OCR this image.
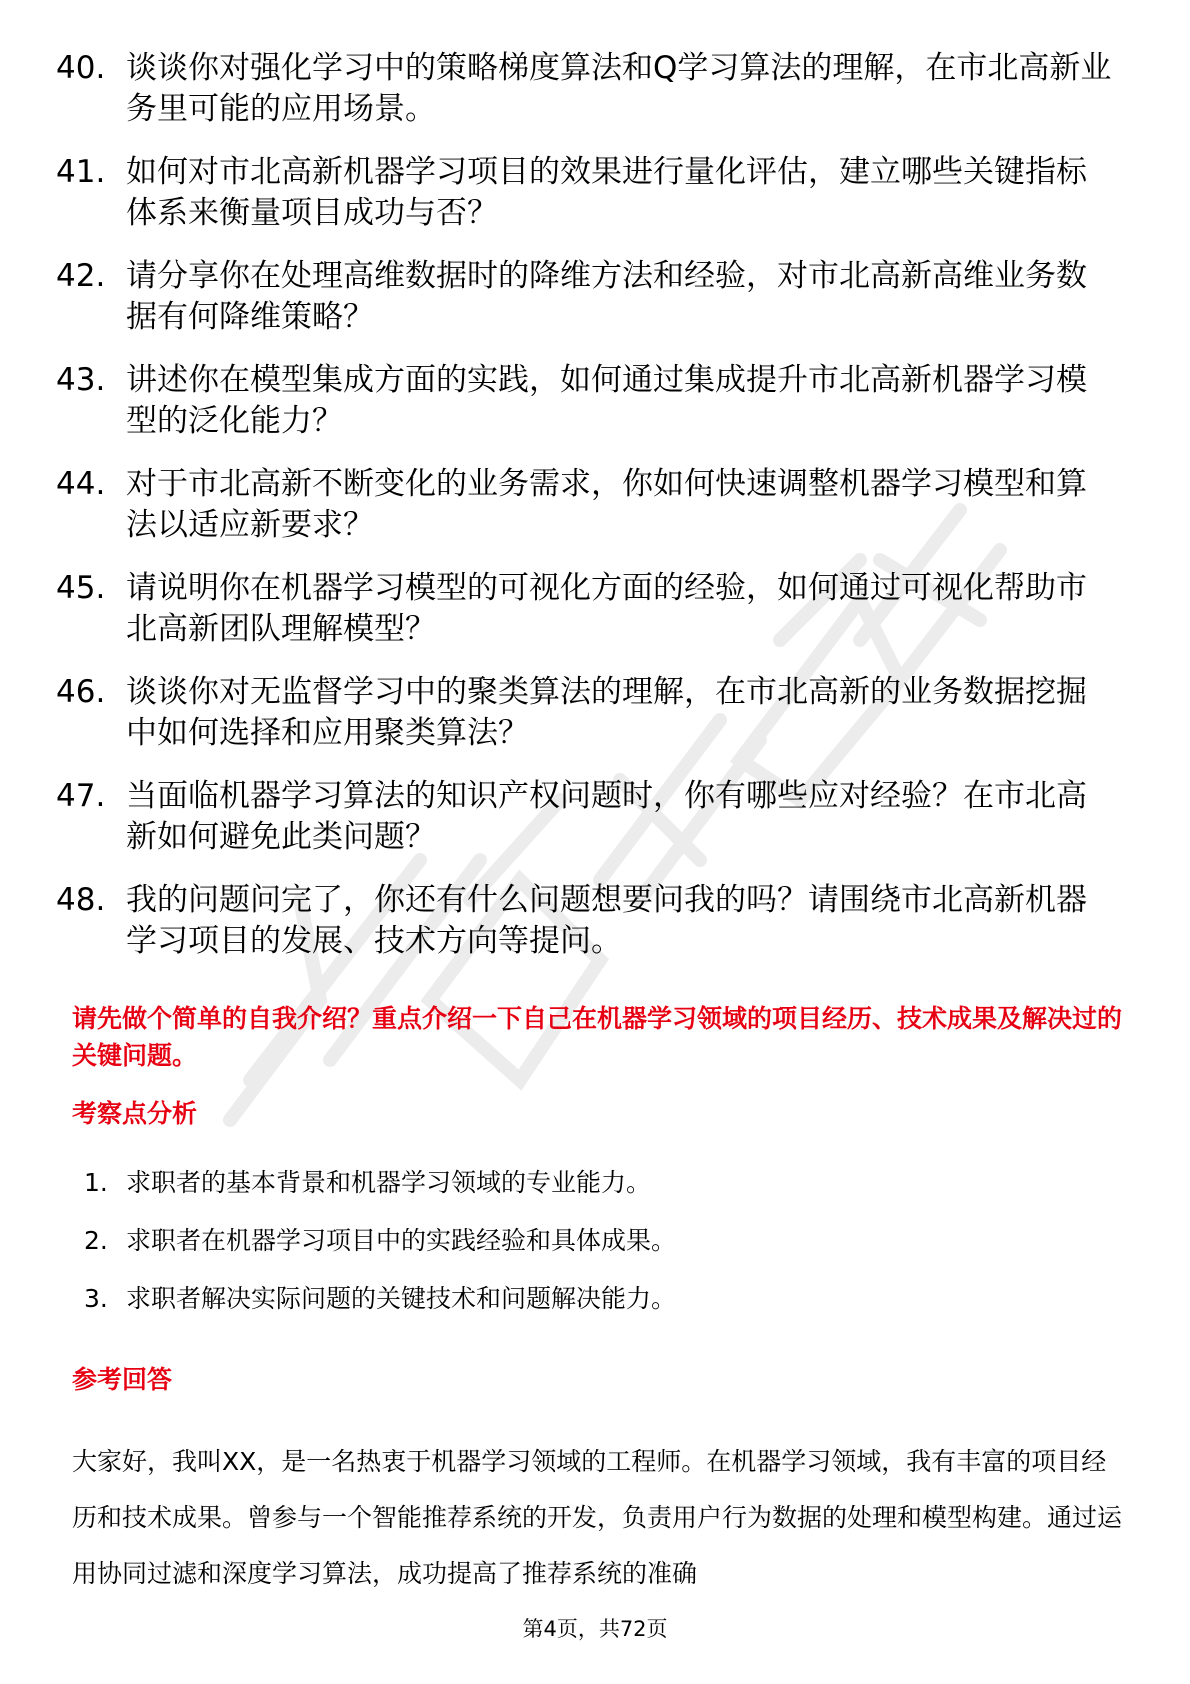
40. 谈谈你对强化学习中的策略梯度算法和Q学习算法的理解，在市北高新业务里可能的应用场景。
41. 如何对市北高新机器学习项目的效果进行量化评估，建立哪些关键指标体系来衡量项目成功与否？
42. 请分享你在处理高维数据时的降维方法和经验，对市北高新高维业务数据有何降维策略？
43. 讲述你在模型集成方面的实践，如何通过集成提升市北高新机器学习模型的泛化能力？
44. 对于市北高新不断变化的业务需求，你如何快速调整机器学习模型和算法以适应新要求？
45. 请说明你在机器学习模型的可视化方面的经验，如何通过可视化帮助市北高新团队理解模型？
46. 谈谈你对无监督学习中的聚类算法的理解，在市北高新的业务数据挖掘中如何选择和应用聚类算法？
47. 当面临机器学习算法的知识产权问题时，你有哪些应对经验？在市北高新如何避免此类问题？
48. 我的问题问完了，你还有什么问题想要问我的吗？请围绕市北高新机器学习项目的发展、技术方向等提问。

请先做个简单的自我介绍？重点介绍一下自己在机器学习领域的项目经历、技术成果及解决过的关键问题。

考察点分析
1. 求职者的基本背景和机器学习领域的专业能力。
2. 求职者在机器学习项目中的实践经验和具体成果。
3. 求职者解决实际问题的关键技术和问题解决能力。
参考回答

大家好，我叫XX，是一名热衷于机器学习领域的工程师。在机器学习领域，我有丰富的项目经历和技术成果。曾参与一个智能推荐系统的开发，负责用户行为数据的处理和模型构建。通过运用协同过滤和深度学习算法，成功提高了推荐系统的准确

第4页，共72页
